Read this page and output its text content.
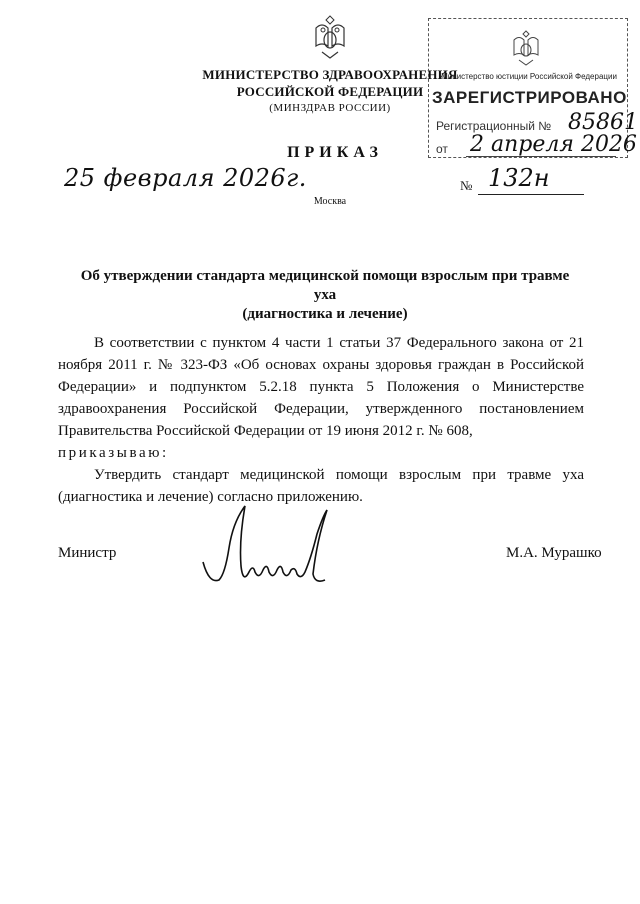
МИНИСТЕРСТВО ЗДРАВООХРАНЕНИЯ
РОССИЙСКОЙ ФЕДЕРАЦИИ
(МИНЗДРАВ РОССИИ)
Министерство юстиции Российской Федерации
ЗАРЕГИСТРИРОВАНО
Регистрационный № 85861
от 2 апреля 2026
ПРИКАЗ
25 февраля 2026г.	№ 132н
Москва
Об утверждении стандарта медицинской помощи взрослым при травме уха
(диагностика и лечение)

В соответствии с пунктом 4 части 1 статьи 37 Федерального закона от 21 ноября 2011 г. № 323-ФЗ «Об основах охраны здоровья граждан в Российской Федерации» и подпунктом 5.2.18 пункта 5 Положения о Министерстве здравоохранения Российской Федерации, утвержденного постановлением Правительства Российской Федерации от 19 июня 2012 г. № 608,

приказываю:

Утвердить стандарт медицинской помощи взрослым при травме уха (диагностика и лечение) согласно приложению.

Министр	М.А. Мурашко
